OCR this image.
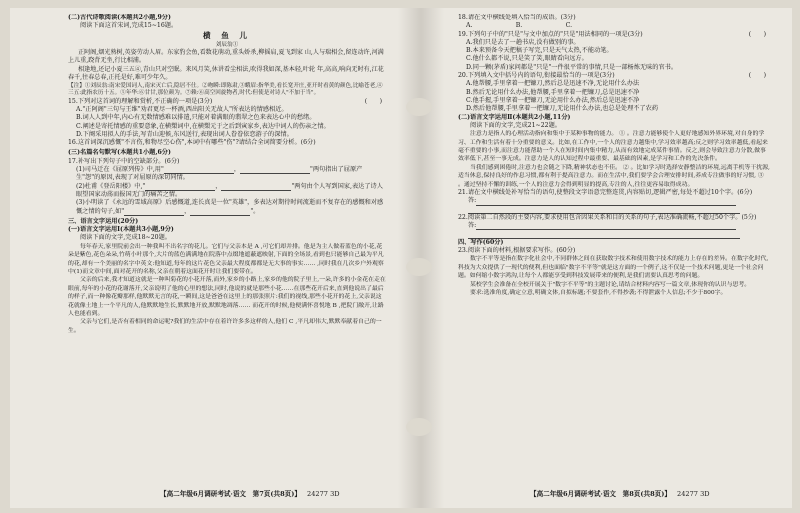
(二)古代诗歌阅读(本题共2小题,9分)

阅读下面这首宋词,完成15~16题。

横 鱼 儿

刘辰翁①

正阿阁,烟光熟树,英姿劳动人眉。东家豹会鱼,看数花萌动,重头娇杀,柳摇肩,夏飞到家 山,人与瑞相会,留连动许,河满上儿重,跷背无坐,行比相浦。

相逢地,还记小夏三五④,青山只对空眠。来风月笑,休讲看尘相法,吹得我如深,基本轻,叶轮 年,高高,响向无时有,江花春千,往春总春,正托是好,难可少年久。

【注】①刘辰翁:南宋爱国词人,南宋灭亡后,隐居不仕。②吻瞬:即陈肃,③蛾眉:指华美,看长宽开庄,亚开时看黄的颜色,比喻苍老,④三五:此指农历十五。⑤年华:⑥甘甘,那位颜为。⑦赖:⑥高空回旋物者,时代:但使是对诗人"不加于当"。

15.下列对这首词的理解和赏析,不正确的一项是(3分)	(　　)

A."正阿阁"三句与王维"劝君更尽一杯酒,西出阳关无故人"所表达的情感相近。

B.词人人到中年,内心有无数情感难以排遣,只能对着满眼的翡翠之色来表达心中的愁绪。

C.阐述是寄托情感的重要意象,在横槊词中,在横槊元于之后到寅家乡,表达中词人的伤亲之情。

D.下阕采用拟人的手法,写青山迎候,东风送行,表现出词人眷眷依恋游子的深情。

16.这首词深沉感慨"不言伤,和物尽空心伤",本词中有哪些"伤"?请结合全词简要分析。(6分)

(三)名篇名句默写(本题共1小题,6分)

17.补写出下列句子中的空缺部分。(6分)

(1)司马迁在《屈原列传》中,用"	，	"两句指出了屈原产生"怨"的原因,表现了对屈原的深切同情。

(2)杜甫《登岳阳楼》中,"	，	"两句由个人写到国家,表达了诗人眼望国家动荡而报国无门的痛苦之情。

(3)小明读了《永远的雪域高原》后感慨道,连长真是一位"英雄"，多表达对期待时间流逝而不复存在的感慨和对感慨之情的句子,如"	，	"。

三、语言文字运用(20分)

(一)语言文字运用Ⅰ(本题共3小题,9分)

阅读下面的文字,完成18~20题。

每年春天,家里院前会出一种我叫不出名字的花儿。它们与父亲本是 A ,可它们却并排。他是为主人做着蓝色的小花,花朵是紫色,花色朵朵,竹萌小叶那个,大片的蓝色满满地在院落中点缀地遮蔽遮映射,下面的全场景,看到也只能够自己最为平凡的花,却有一个美丽的名字中英文:他知道,每年的这片花色父亲最大程度都都是无大事的事实…… ,同时我在几次乡户外观察中(1)而文章中间,面对花开的名称,父亲在朝着这面花开时让我们要带在。

父亲的后来,我才知道这就是一种叫菊花的小花开落,而外,家乡的小路上,家乡的他的院子里上,一朵,许多的小金花在走在眼前,每年的小花的花谢落开,父亲说明了他的心里的想法,同时,他说的就是那些小花……在那些花开后来,直到他说出了最后的样子,而一种像花瓣那样,他默默无言的花,一瞬间,这是爸爸在这里上的那张照片:我们的视线,那些小花开的花上,父亲说这花就像土地上一个平凡的人,他默默地生长,默默地开放,默默地凋落…… 而花开的时候,他便满怀喜悦地 B ,把院门敞开,让路人也能看到。

父亲与它们,是否有着相同的命运呢?我们的生活中存在着许许多多这样的人,他们 C ,平凡却伟大,默默奉献着自己的一生。

【高二年级6月调研考试·语文　第7页(共8页)】 24277 3D

18.请在文中横线处填入恰当的成语。(3分)

A.　　　　　　　B.　　　　　　　C.

19.下列句子中的"只是"与文中加点的"只是"用法相同的一项是(3分)	(　　)

A.我们只是去了一趟书店,没有做别的事。

B.本来预备今天把稿子写完,只是天气太热,不能动笔。

C.他什么都不说,只是笑了笑,眼睛看向远方。

D.同一颗(茅盾)家问都是"只是"一件很平常的事情,只是一部杨炼无味的官书。

20.下列填入文中括号内的语句,衔接最恰当的一项是(3分)	(　　)

A.他帮腰,手里拿着一把镰刀,然后总是迅速不净,无论用什么办法

B.然后无论用什么办法,他帮腰,手里拿着一把镰刀,总是迅速不净

C.他手握,手里拿着一把镰刀,无论用什么办法,然后总是迅速不净

D.然后他帮腰,手里拿着一把镰刀,无论用什么办法,也总是处理不了农药

(二)语言文字运用Ⅱ(本题共2小题,11分)

阅读下面的文字,完成21~22题。

注意力是指人的心理活动指向和集中于某种事物的能力。 ① 。注意力能够使个人更好地感知外界环境,对自身的学习、工作和生活有着十分重要的意义。比如,在工作中,一个人的注意力越集中,学习效率越高;反之则学习效率越低,看起来毫不重要的小事,而注意力能帮助一个人在短时间内集中精力,从而有效地完成某件事情。反之,则会导致注意力分散,做事效率低下,甚至一事无成。注意力是人的认知过程中最重要、最基础的因素,是学习和工作的先决条件。

当我们感到困倦时,注意力也会随之下降,精神状态也不佳。 ② 。比如学习时选择安静整洁的环境,远离手机等干扰源,适当休息,保持良好的作息习惯,都有利于提高注意力。而在生活中,我们要学会合理安排时间,养成专注做事的好习惯, ③ 。通过坚持不懈的训练,一个人的注意力会得到明显的提高,专注的人,往往更容易取得成功。

21.请在文中横线处补写恰当的语句,使整段文字语意完整连贯,内容贴切,逻辑严密,每处不超过10个字。(6分)

答:

22.阅读第二自然段的主要内容,要求使用包含因果关系和目的关系的句子,表达准确流畅,不超过50个字。(5分)

答:

四、写作(60分)

23.阅读下面的材料,根据要求写作。(60分)

数字不平等是指在数字化社会中,不同群体之间在获取数字技术和使用数字技术的能力上存在的差异。在数字化时代,科技为大众提供了一现代的便利,但也面临"数字不平等"就是这方面的一个例子,这不仅是一个技术问题,更是一个社会问题。如何缩小数字鸿沟,让每个人都能享受到科技发展带来的便利,是我们需要认真思考的问题。

某校学生会准备在全校开展关于"数字不平等"的主题讨论,请结合材料内容写一篇文章,体现你的认识与思考。

要求:选准角度,确定立意,明确文体,自拟标题;不要套作,不得抄袭;不得泄露个人信息;不少于800字。

【高二年级6月调研考试·语文　第8页(共8页)】 24277 3D
